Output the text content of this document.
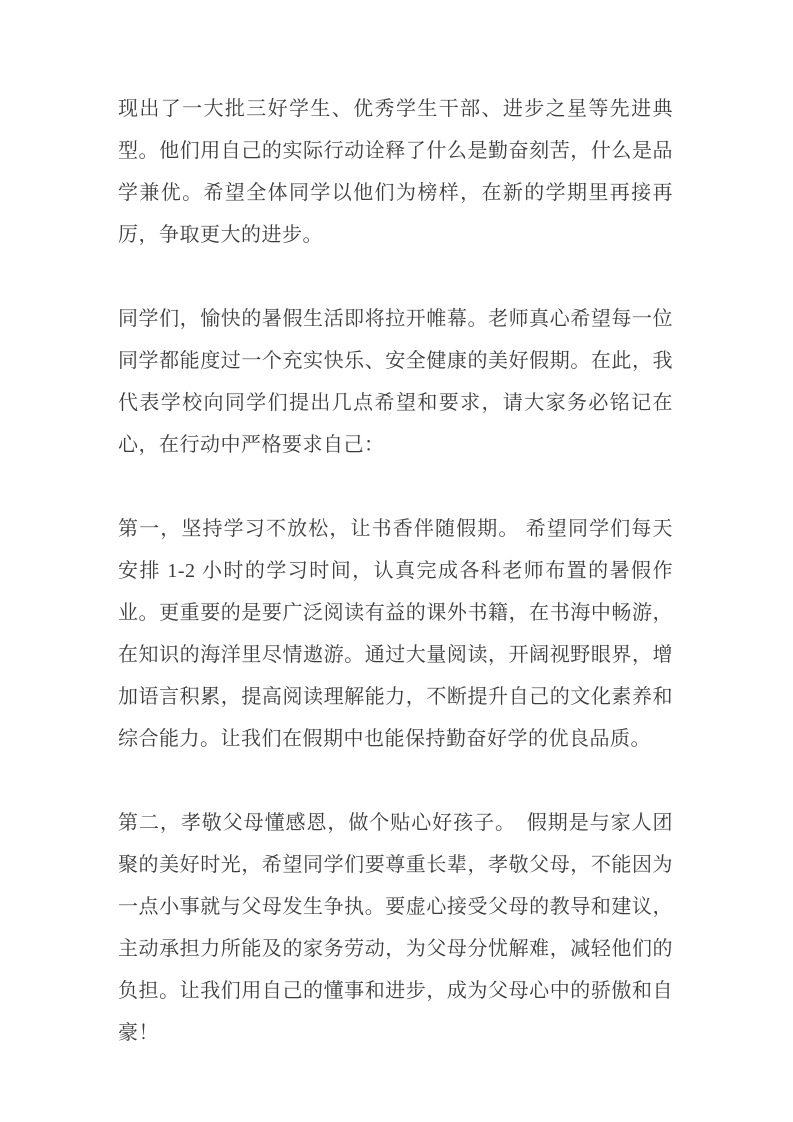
现出了一大批三好学生、优秀学生干部、进步之星等先进典型。他们用自己的实际行动诠释了什么是勤奋刻苦，什么是品学兼优。希望全体同学以他们为榜样，在新的学期里再接再厉，争取更大的进步。

同学们，愉快的暑假生活即将拉开帷幕。老师真心希望每一位同学都能度过一个充实快乐、安全健康的美好假期。在此，我代表学校向同学们提出几点希望和要求，请大家务必铭记在心，在行动中严格要求自己：

第一，坚持学习不放松，让书香伴随假期。 希望同学们每天安排 1-2 小时的学习时间，认真完成各科老师布置的暑假作业。更重要的是要广泛阅读有益的课外书籍，在书海中畅游，在知识的海洋里尽情遨游。通过大量阅读，开阔视野眼界，增加语言积累，提高阅读理解能力，不断提升自己的文化素养和综合能力。让我们在假期中也能保持勤奋好学的优良品质。

第二，孝敬父母懂感恩，做个贴心好孩子。　假期是与家人团聚的美好时光，希望同学们要尊重长辈，孝敬父母，不能因为一点小事就与父母发生争执。要虚心接受父母的教导和建议，主动承担力所能及的家务劳动，为父母分忧解难，减轻他们的负担。让我们用自己的懂事和进步，成为父母心中的骄傲和自豪！
